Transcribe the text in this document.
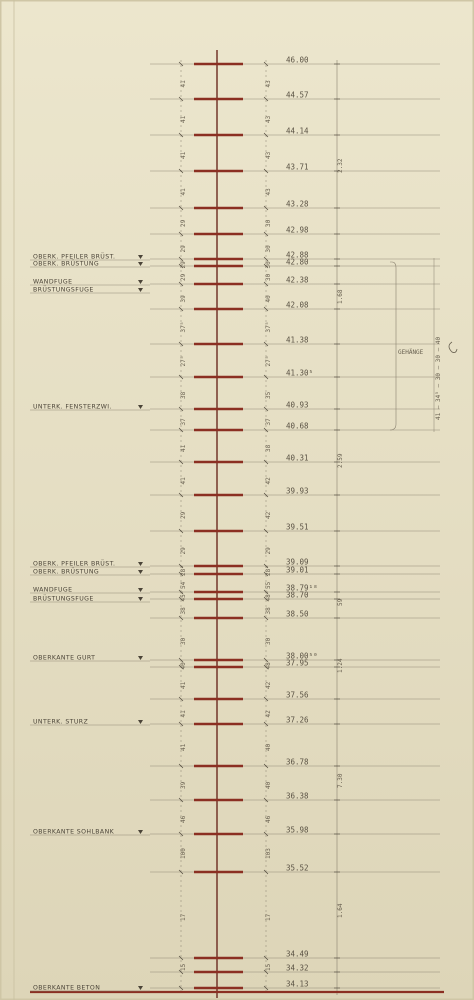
46.00
44.57
44.14
43.71
43.28
42.98
42.88
42.80
42.38
42.08
41.38
41.30⁵
40.93
40.68
40.31
39.93
39.51
39.09
39.01
38.79¹⁸
38.70
38.50
38.00⁵⁰
37.95
37.56
37.26
36.78
36.38
35.98
35.52
34.49
34.32
34.13
41
41
41
41
29
29
29
29
39
37⁵
27⁵
38
37
41
41
29
29
28⁵
54
45⁵
38
30
40
41
41
41
39
46
100
17
15
43
43
43
43
30
30
30
30
40
37⁵
27⁵
35
37
38
42
42
29
28⁵
55
48⁵
38
30
48
42
42
40
40
46
103
17
15
2.32
1.68
2.59
59
1.24
7.30
1.64
OBERK. PFEILER BRÜST.
OBERK. BRÜSTUNG
WANDFUGE
BRÜSTUNGSFUGE
UNTERK. FENSTERZWI.
OBERK. PFEILER BRÜST.
OBERK. BRÜSTUNG
WANDFUGE
BRÜSTUNGSFUGE
OBERKANTE GURT
UNTERK. STURZ
OBERKANTE SOHLBANK
OBERKANTE BETON
41 – 34⁵ – 30 – 30 – 40
GEHÄNGE
